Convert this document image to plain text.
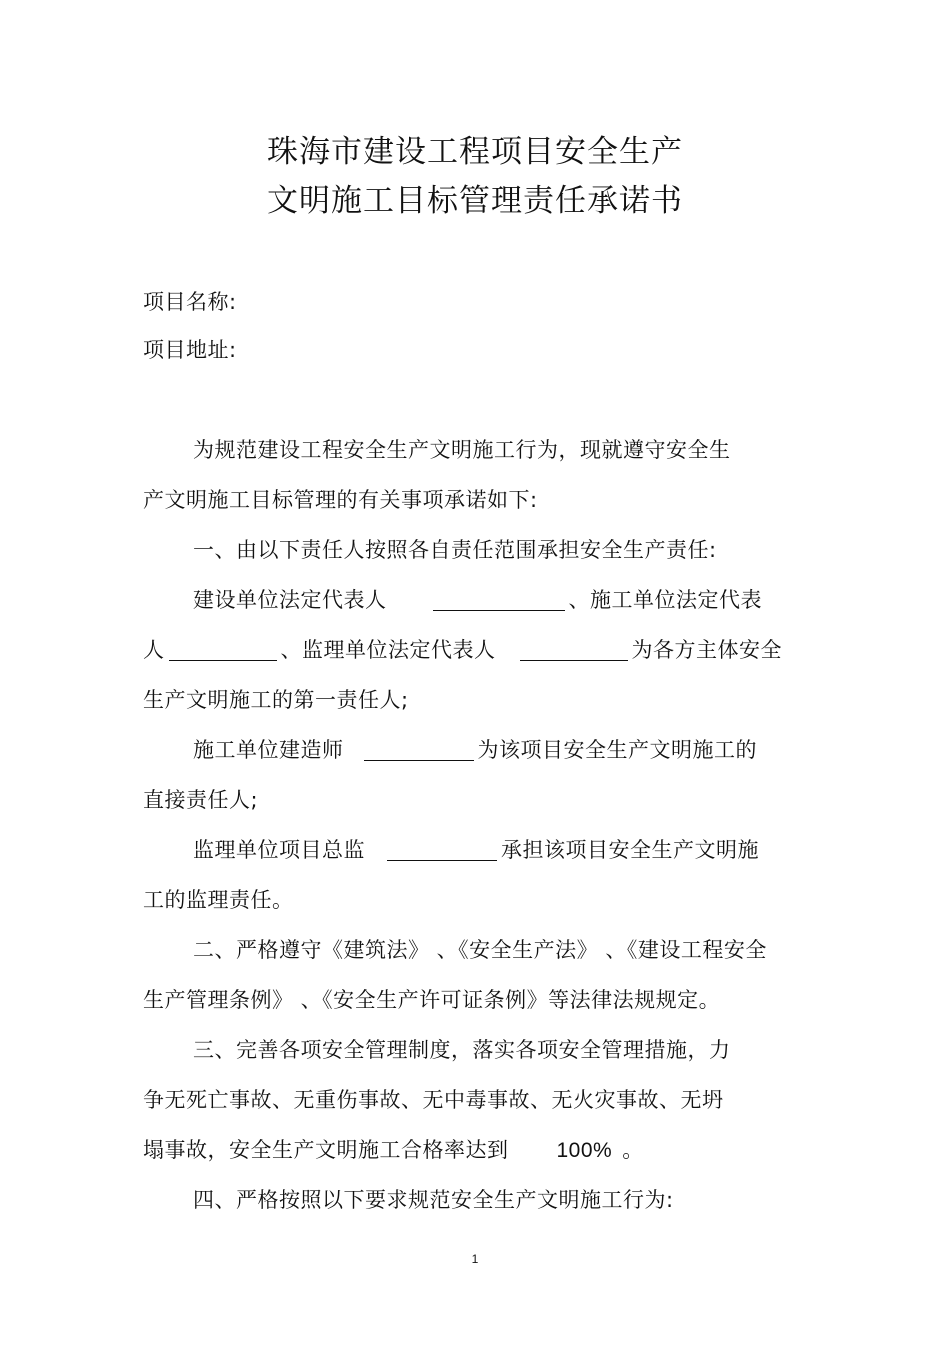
珠海市建设工程项目安全生产
文明施工目标管理责任承诺书
项目名称:
项目地址:
为规范建设工程安全生产文明施工行为，现就遵守安全生
产文明施工目标管理的有关事项承诺如下:
一、由以下责任人按照各自责任范围承担安全生产责任:
建设单位法定代表人	、施工单位法定代表
人	、监理单位法定代表人	为各方主体安全
生产文明施工的第一责任人;
施工单位建造师	为该项目安全生产文明施工的
直接责任人;
监理单位项目总监	承担该项目安全生产文明施
工的监理责任。
二、严格遵守《建筑法》 、《安全生产法》 、《建设工程安全
生产管理条例》 、《安全生产许可证条例》等法律法规规定。
三、完善各项安全管理制度，落实各项安全管理措施，力
争无死亡事故、无重伤事故、无中毒事故、无火灾事故、无坍
塌事故，安全生产文明施工合格率达到 100% 。
四、严格按照以下要求规范安全生产文明施工行为:
1
